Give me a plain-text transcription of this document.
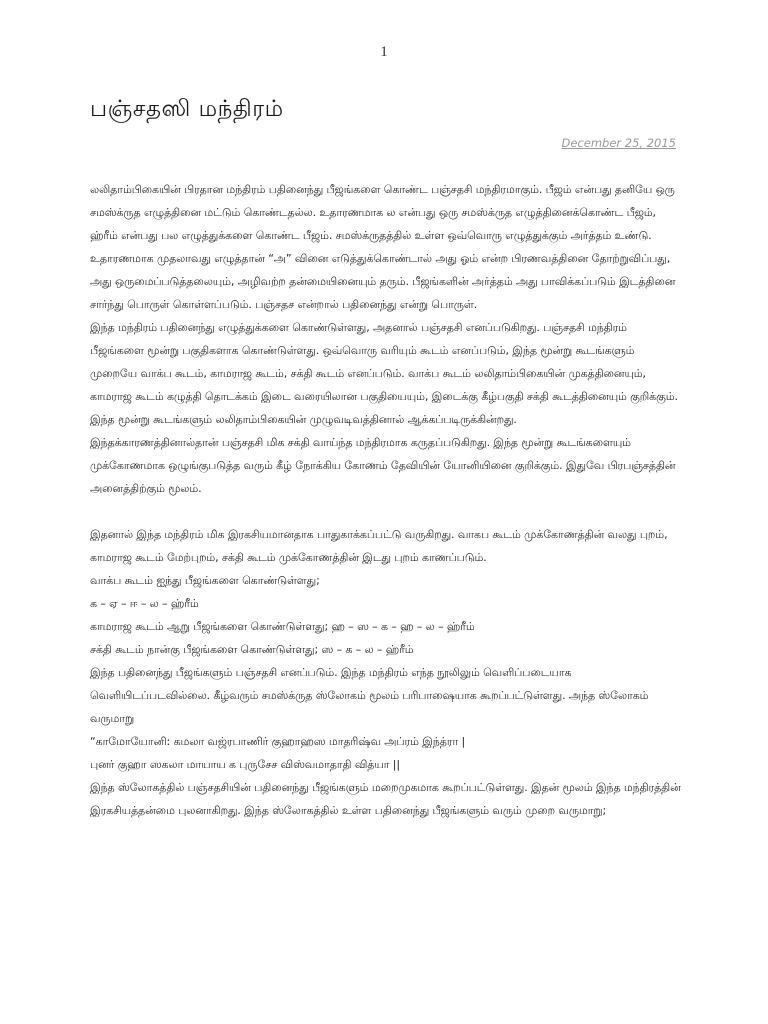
1
பஞ்சதஸி மந்திரம்
December 25, 2015

லலிதாம்பிகையின் பிரதான மந்திரம் பதினைந்து பீஜங்களை கொண்ட பஞ்சதசி மந்திரமாகும். பீஜம் என்பது தனியே ஒரு சமஸ்க்ருத எழுத்தினை மட்டும் கொண்டதல்ல. உதாரணமாக ல என்பது ஒரு சமஸ்க்ருத எழுத்தினைக்கொண்ட பீஜம், ஹ்ரீம் என்பது பல எழுத்துக்களை கொண்ட பீஜம். சமஸ்க்ருதத்தில் உள்ள ஒவ்வொரு எழுத்துக்கும் அர்த்தம் உண்டு.

உதாரணமாக முதலாவது எழுத்தான் “அ” வினை எடுத்துக்கொண்டால் அது ஓம் என்ற பிரணவத்தினை தோற்றுவிப்பது, அது ஒருமைப்படுத்தலையும், அழிவற்ற தன்மையினையும் தரும். பீஜங்களின் அர்த்தம் அது பாவிக்கப்படும் இடத்தினை சார்ந்து பொருள் கொள்ளப்படும். பஞ்சதச என்றால் பதினைந்து என்று பொருள்.

இந்த மந்திரம் பதினைந்து எழுத்துக்களை கொண்டுள்ளது, அதனால் பஞ்சதசி எனப்படுகிறது. பஞ்சதசி மந்திரம் பீஜங்களை மூன்று பகுதிகளாக கொண்டுள்ளது. ஒவ்வொரு வரியும் கூடம் எனப்படும், இந்த மூன்று கூடங்களும் முறையே வாக்ப கூடம், காமராஜ கூடம், சக்தி கூடம் எனப்படும். வாக்ப கூடம் லலிதாம்பிகையின் முகத்தினையும், காமராஜ கூடம் கழுத்தி தொடக்கம் இடை வரையிலான பகுதியையும், இடைக்கு கீழ்பகுதி சக்தி கூடத்தினையும் குறிக்கும்.

இந்த மூன்று கூடங்களும் லலிதாம்பிகையின் முழுவடிவத்தினால் ஆக்கப்படிருக்கின்றது.

இந்தக்காரணத்தினால்தான் பஞ்சதசி மிக சக்தி வாய்ந்த மந்திரமாக கருதப்படுகிறது. இந்த மூன்று கூடங்களையும் முக்கோணமாக ஒழுங்குபடுத்த வரும் கீழ் நோக்கிய கோணம் தேவியின் யோனியினை குறிக்கும். இதுவே பிரபஞ்சத்தின் அனைத்திற்கும் மூலம்.

இதனால் இந்த மந்திரம் மிக இரகசியமானதாக பாதுகாக்கப்பட்டு வருகிறது. வாகப கூடம் முக்கோணத்தின் வலது புறம், காமராஜ கூடம் மேற்புறம், சக்தி கூடம் முக்கோணத்தின் இடது புறம் காணப்படும்.

வாக்ப கூடம் ஐந்து பீஜங்களை கொண்டுள்ளது;

க – ஏ – ஈ – ல – ஹ்ரீம்

காமராஜ கூடம் ஆறு பீஜங்களை கொண்டுள்ளது; ஹ – ஸ – க – ஹ – ல – ஹ்ரீம்

சக்தி கூடம் நான்கு பீஜங்களை கொண்டுள்ளது; ஸ – க – ல – ஹ்ரீம்

இந்த பதினைந்து பீஜங்களும் பஞ்சதசி எனப்படும். இந்த மந்திரம் எந்த நூலிலும் வெளிப்படையாக வெளியிடப்படவில்லை. கீழ்வரும் சமஸ்க்ருத ஸ்லோகம் மூலம் பரிபாஷையாக கூறப்பட்டுள்ளது. அந்த ஸ்லோகம் வருமாறு

“காமோயோனி: கமலா வஜ்ரபாணிர் குஹாஹஸ மாதரிஷ்வ அப்ரம் இந்த்ரா |

புனர் குஹா ஸகலா மாயாய க புருசேச விஸ்வமாதாதி வித்யா ||

இந்த ஸ்லோகத்தில் பஞ்சதசியின் பதினைந்து பீஜங்களும் மறைமுகமாக கூறப்பட்டுள்ளது. இதன் மூலம் இந்த மந்திரத்தின் இரகசியத்தன்மை புலனாகிறது. இந்த ஸ்லோகத்தில் உள்ள பதினைந்து பீஜங்களும் வரும் முறை வருமாறு;
